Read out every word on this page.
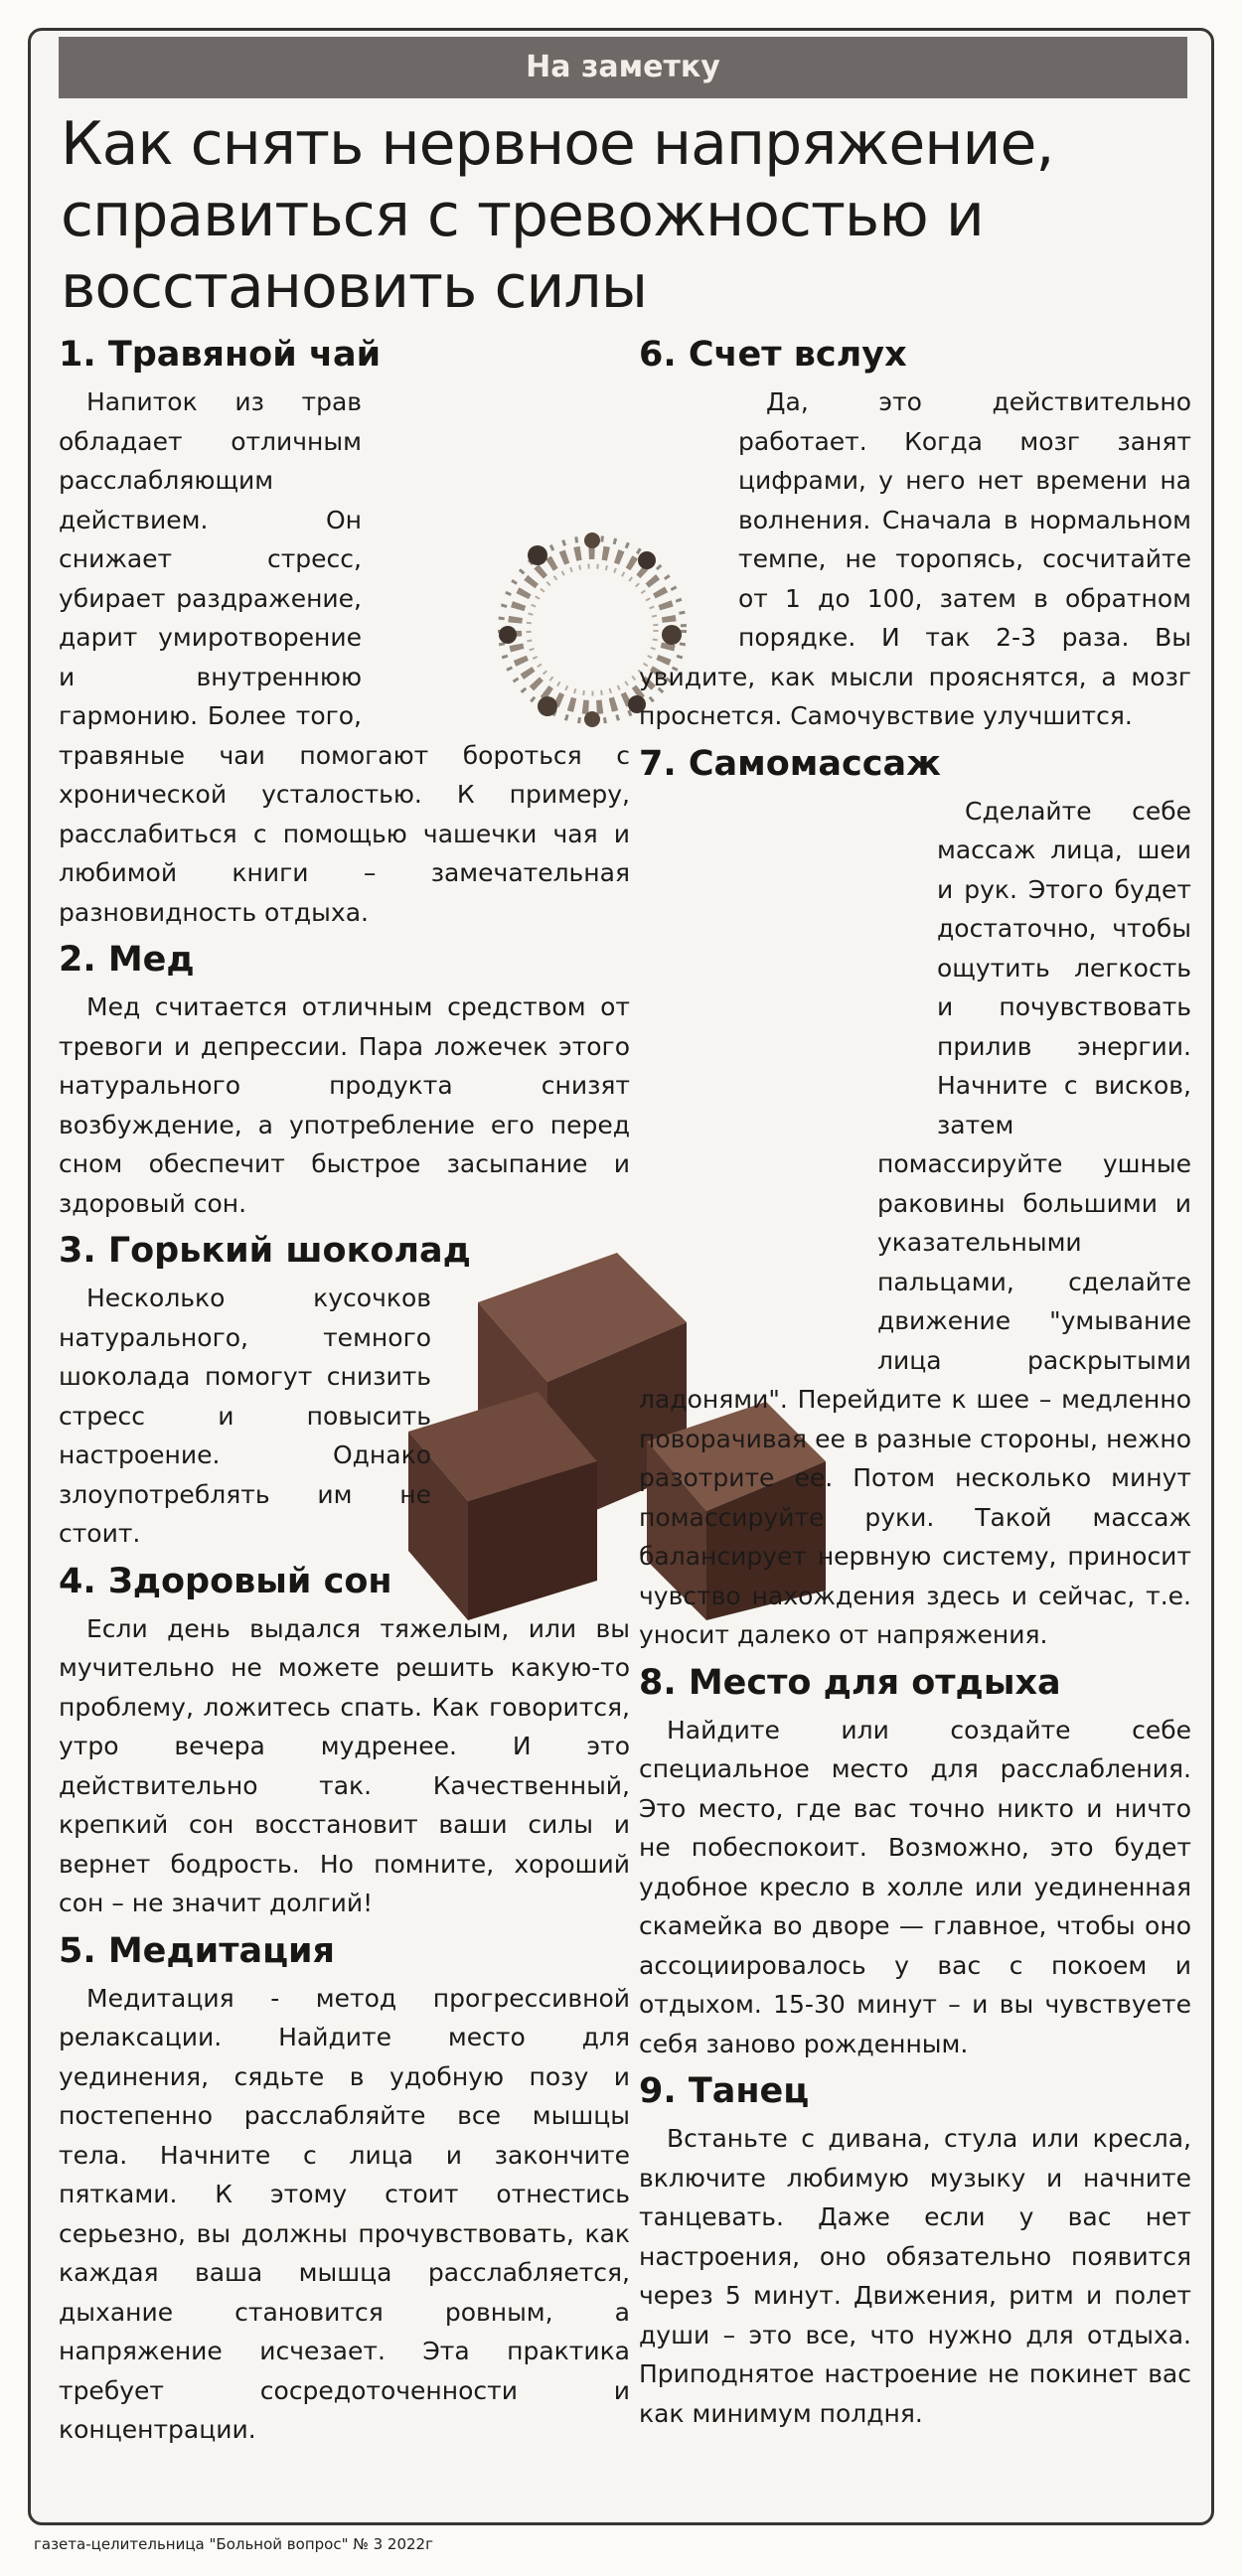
На заметку
Как снять нервное напряжение, справиться с тревожностью и восстановить силы
1. Травяной чай

Напиток из трав обладает отличным расслабляющим действием. Он снижает стресс, убирает раздражение, дарит умиротворение и внутреннюю гармонию. Более того, травяные чаи помогают бороться с хронической усталостью. К примеру, расслабиться с помощью чашечки чая и любимой книги – замечательная разновидность отдыха.

2. Мед

Мед считается отличным средством от тревоги и депрессии. Пара ложечек этого натурального продукта снизят возбуждение, а употребление его перед сном обеспечит быстрое засыпание и здоровый сон.

3. Горький шоколад

Несколько кусочков натурального, темного шоколада помогут снизить стресс и повысить настроение. Однако злоупотреблять им не стоит.

4. Здоровый сон

Если день выдался тяжелым, или вы мучительно не можете решить какую-то проблему, ложитесь спать. Как говорится, утро вечера мудренее. И это действительно так. Качественный, крепкий сон восстановит ваши силы и вернет бодрость. Но помните, хороший сон – не значит долгий!

5. Медитация

Медитация - метод прогрессивной релаксации. Найдите место для уединения, сядьте в удобную позу и постепенно расслабляйте все мышцы тела. Начните с лица и закончите пятками. К этому стоит отнестись серьезно, вы должны прочувствовать, как каждая ваша мышца расслабляется, дыхание становится ровным, а напряжение исчезает. Эта практика требует сосредоточенности и концентрации.

6. Счет вслух

Да, это действительно работает. Когда мозг занят цифрами, у него нет времени на волнения. Сначала в нормальном темпе, не торопясь, сосчитайте от 1 до 100, затем в обратном порядке. И так 2-3 раза. Вы увидите, как мысли прояснятся, а мозг проснется. Самочувствие улучшится.

7. Самомассаж

Сделайте себе массаж лица, шеи и рук. Этого будет достаточно, чтобы ощутить легкость и почувствовать прилив энергии. Начните с висков, затем помассируйте ушные раковины большими и указательными пальцами, сделайте движение "умывание лица раскрытыми ладонями". Перейдите к шее – медленно поворачивая ее в разные стороны, нежно разотрите ее. Потом несколько минут помассируйте руки. Такой массаж балансирует нервную систему, приносит чувство нахождения здесь и сейчас, т.е. уносит далеко от напряжения.

8. Место для отдыха

Найдите или создайте себе специальное место для расслабления. Это место, где вас точно никто и ничто не побеспокоит. Возможно, это будет удобное кресло в холле или уединенная скамейка во дворе — главное, чтобы оно ассоциировалось у вас с покоем и отдыхом. 15-30 минут – и вы чувствуете себя заново рожденным.

9. Танец

Встаньте с дивана, стула или кресла, включите любимую музыку и начните танцевать. Даже если у вас нет настроения, оно обязательно появится через 5 минут. Движения, ритм и полет души – это все, что нужно для отдыха. Приподнятое настроение не покинет вас как минимум полдня.

газета-целительница "Больной вопрос" № 3 2022г
